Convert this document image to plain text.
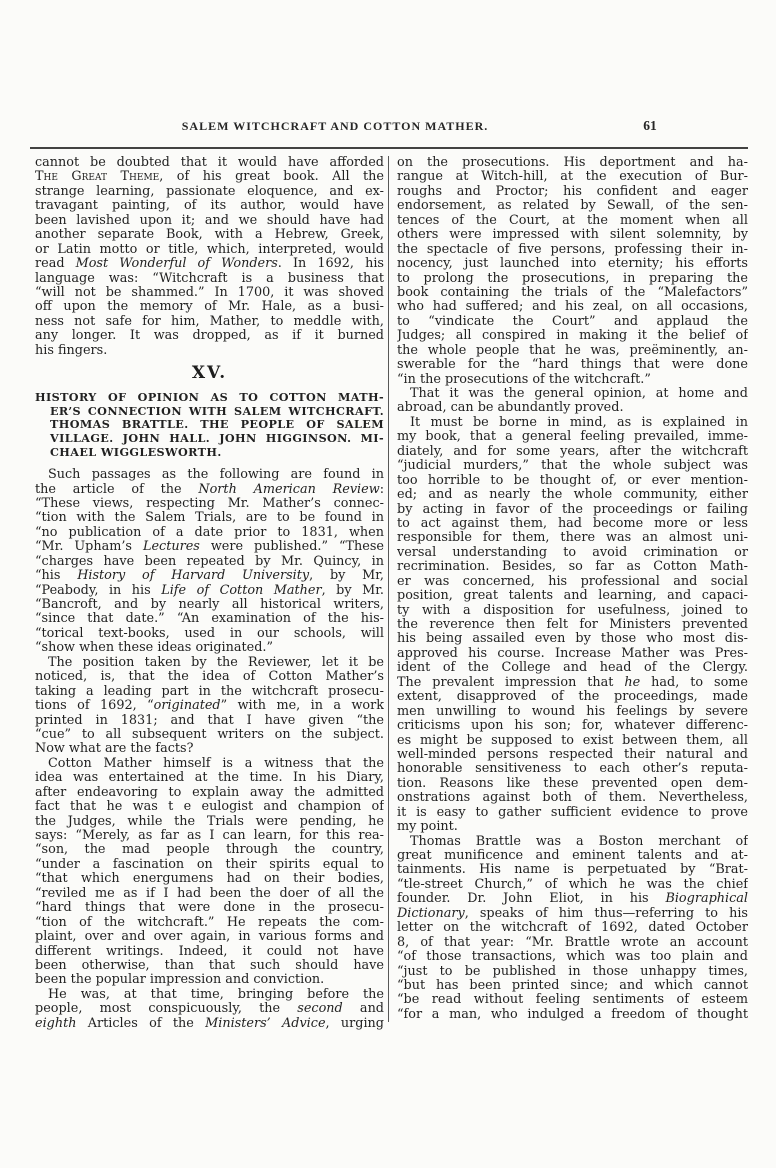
SALEM WITCHCRAFT AND COTTON MATHER.	61
cannot be doubted that it would have afforded
The Great Theme, of his great book. All the
strange learning, passionate eloquence, and ex-
travagant painting, of its author, would have
been lavished upon it; and we should have had
another separate Book, with a Hebrew, Greek,
or Latin motto or title, which, interpreted, would
read Most Wonderful of Wonders. In 1692, his
language was: “Witchcraft is a business that
“will not be shammed.” In 1700, it was shoved
off upon the memory of Mr. Hale, as a busi-
ness not safe for him, Mather, to meddle with,
any longer. It was dropped, as if it burned
his fingers.
XV.
HISTORY OF OPINION AS TO COTTON MATH-
ER’S CONNECTION WITH SALEM WITCHCRAFT.
THOMAS BRATTLE. THE PEOPLE OF SALEM
VILLAGE. JOHN HALL. JOHN HIGGINSON. MI-
CHAEL WIGGLESWORTH.
Such passages as the following are found in
the article of the North American Review:
“These views, respecting Mr. Mather’s connec-
“tion with the Salem Trials, are to be found in
“no publication of a date prior to 1831, when
“Mr. Upham’s Lectures were published.” “These
“charges have been repeated by Mr. Quincy, in
“his History of Harvard University, by Mr,
“Peabody, in his Life of Cotton Mather, by Mr.
“Bancroft, and by nearly all historical writers,
“since that date.” “An examination of the his-
“torical text-books, used in our schools, will
“show when these ideas originated.”
The position taken by the Reviewer, let it be
noticed, is, that the idea of Cotton Mather’s
taking a leading part in the witchcraft prosecu-
tions of 1692, “originated” with me, in a work
printed in 1831; and that I have given “the
“cue” to all subsequent writers on the subject.
Now what are the facts?
Cotton Mather himself is a witness that the
idea was entertained at the time. In his Diary,
after endeavoring to explain away the admitted
fact that he was t e eulogist and champion of
the Judges, while the Trials were pending, he
says: “Merely, as far as I can learn, for this rea-
“son, the mad people through the country,
“under a fascination on their spirits equal to
“that which energumens had on their bodies,
“reviled me as if I had been the doer of all the
“hard things that were done in the prosecu-
“tion of the witchcraft.” He repeats the com-
plaint, over and over again, in various forms and
different writings. Indeed, it could not have
been otherwise, than that such should have
been the popular impression and conviction.
He was, at that time, bringing before the
people, most conspicuously, the second and
eighth Articles of the Ministers’ Advice, urging
on the prosecutions. His deportment and ha-
rangue at Witch-hill, at the execution of Bur-
roughs and Proctor; his confident and eager
endorsement, as related by Sewall, of the sen-
tences of the Court, at the moment when all
others were impressed with silent solemnity, by
the spectacle of five persons, professing their in-
nocency, just launched into eternity; his efforts
to prolong the prosecutions, in preparing the
book containing the trials of the “Malefactors”
who had suffered; and his zeal, on all occasions,
to “vindicate the Court” and applaud the
Judges; all conspired in making it the belief of
the whole people that he was, preëminently, an-
swerable for the “hard things that were done
“in the prosecutions of the witchcraft.”
That it was the general opinion, at home and
abroad, can be abundantly proved.
It must be borne in mind, as is explained in
my book, that a general feeling prevailed, imme-
diately, and for some years, after the witchcraft
“judicial murders,” that the whole subject was
too horrible to be thought of, or ever mention-
ed; and as nearly the whole community, either
by acting in favor of the proceedings or failing
to act against them, had become more or less
responsible for them, there was an almost uni-
versal understanding to avoid crimination or
recrimination. Besides, so far as Cotton Math-
er was concerned, his professional and social
position, great talents and learning, and capaci-
ty with a disposition for usefulness, joined to
the reverence then felt for Ministers prevented
his being assailed even by those who most dis-
approved his course. Increase Mather was Pres-
ident of the College and head of the Clergy.
The prevalent impression that he had, to some
extent, disapproved of the proceedings, made
men unwilling to wound his feelings by severe
criticisms upon his son; for, whatever differenc-
es might be supposed to exist between them, all
well-minded persons respected their natural and
honorable sensitiveness to each other’s reputa-
tion. Reasons like these prevented open dem-
onstrations against both of them. Nevertheless,
it is easy to gather sufficient evidence to prove
my point.
Thomas Brattle was a Boston merchant of
great munificence and eminent talents and at-
tainments. His name is perpetuated by “Brat-
“tle-street Church,” of which he was the chief
founder. Dr. John Eliot, in his Biographical
Dictionary, speaks of him thus—referring to his
letter on the witchcraft of 1692, dated October
8, of that year: “Mr. Brattle wrote an account
“of those transactions, which was too plain and
“just to be published in those unhappy times,
“but has been printed since; and which cannot
“be read without feeling sentiments of esteem
“for a man, who indulged a freedom of thought
